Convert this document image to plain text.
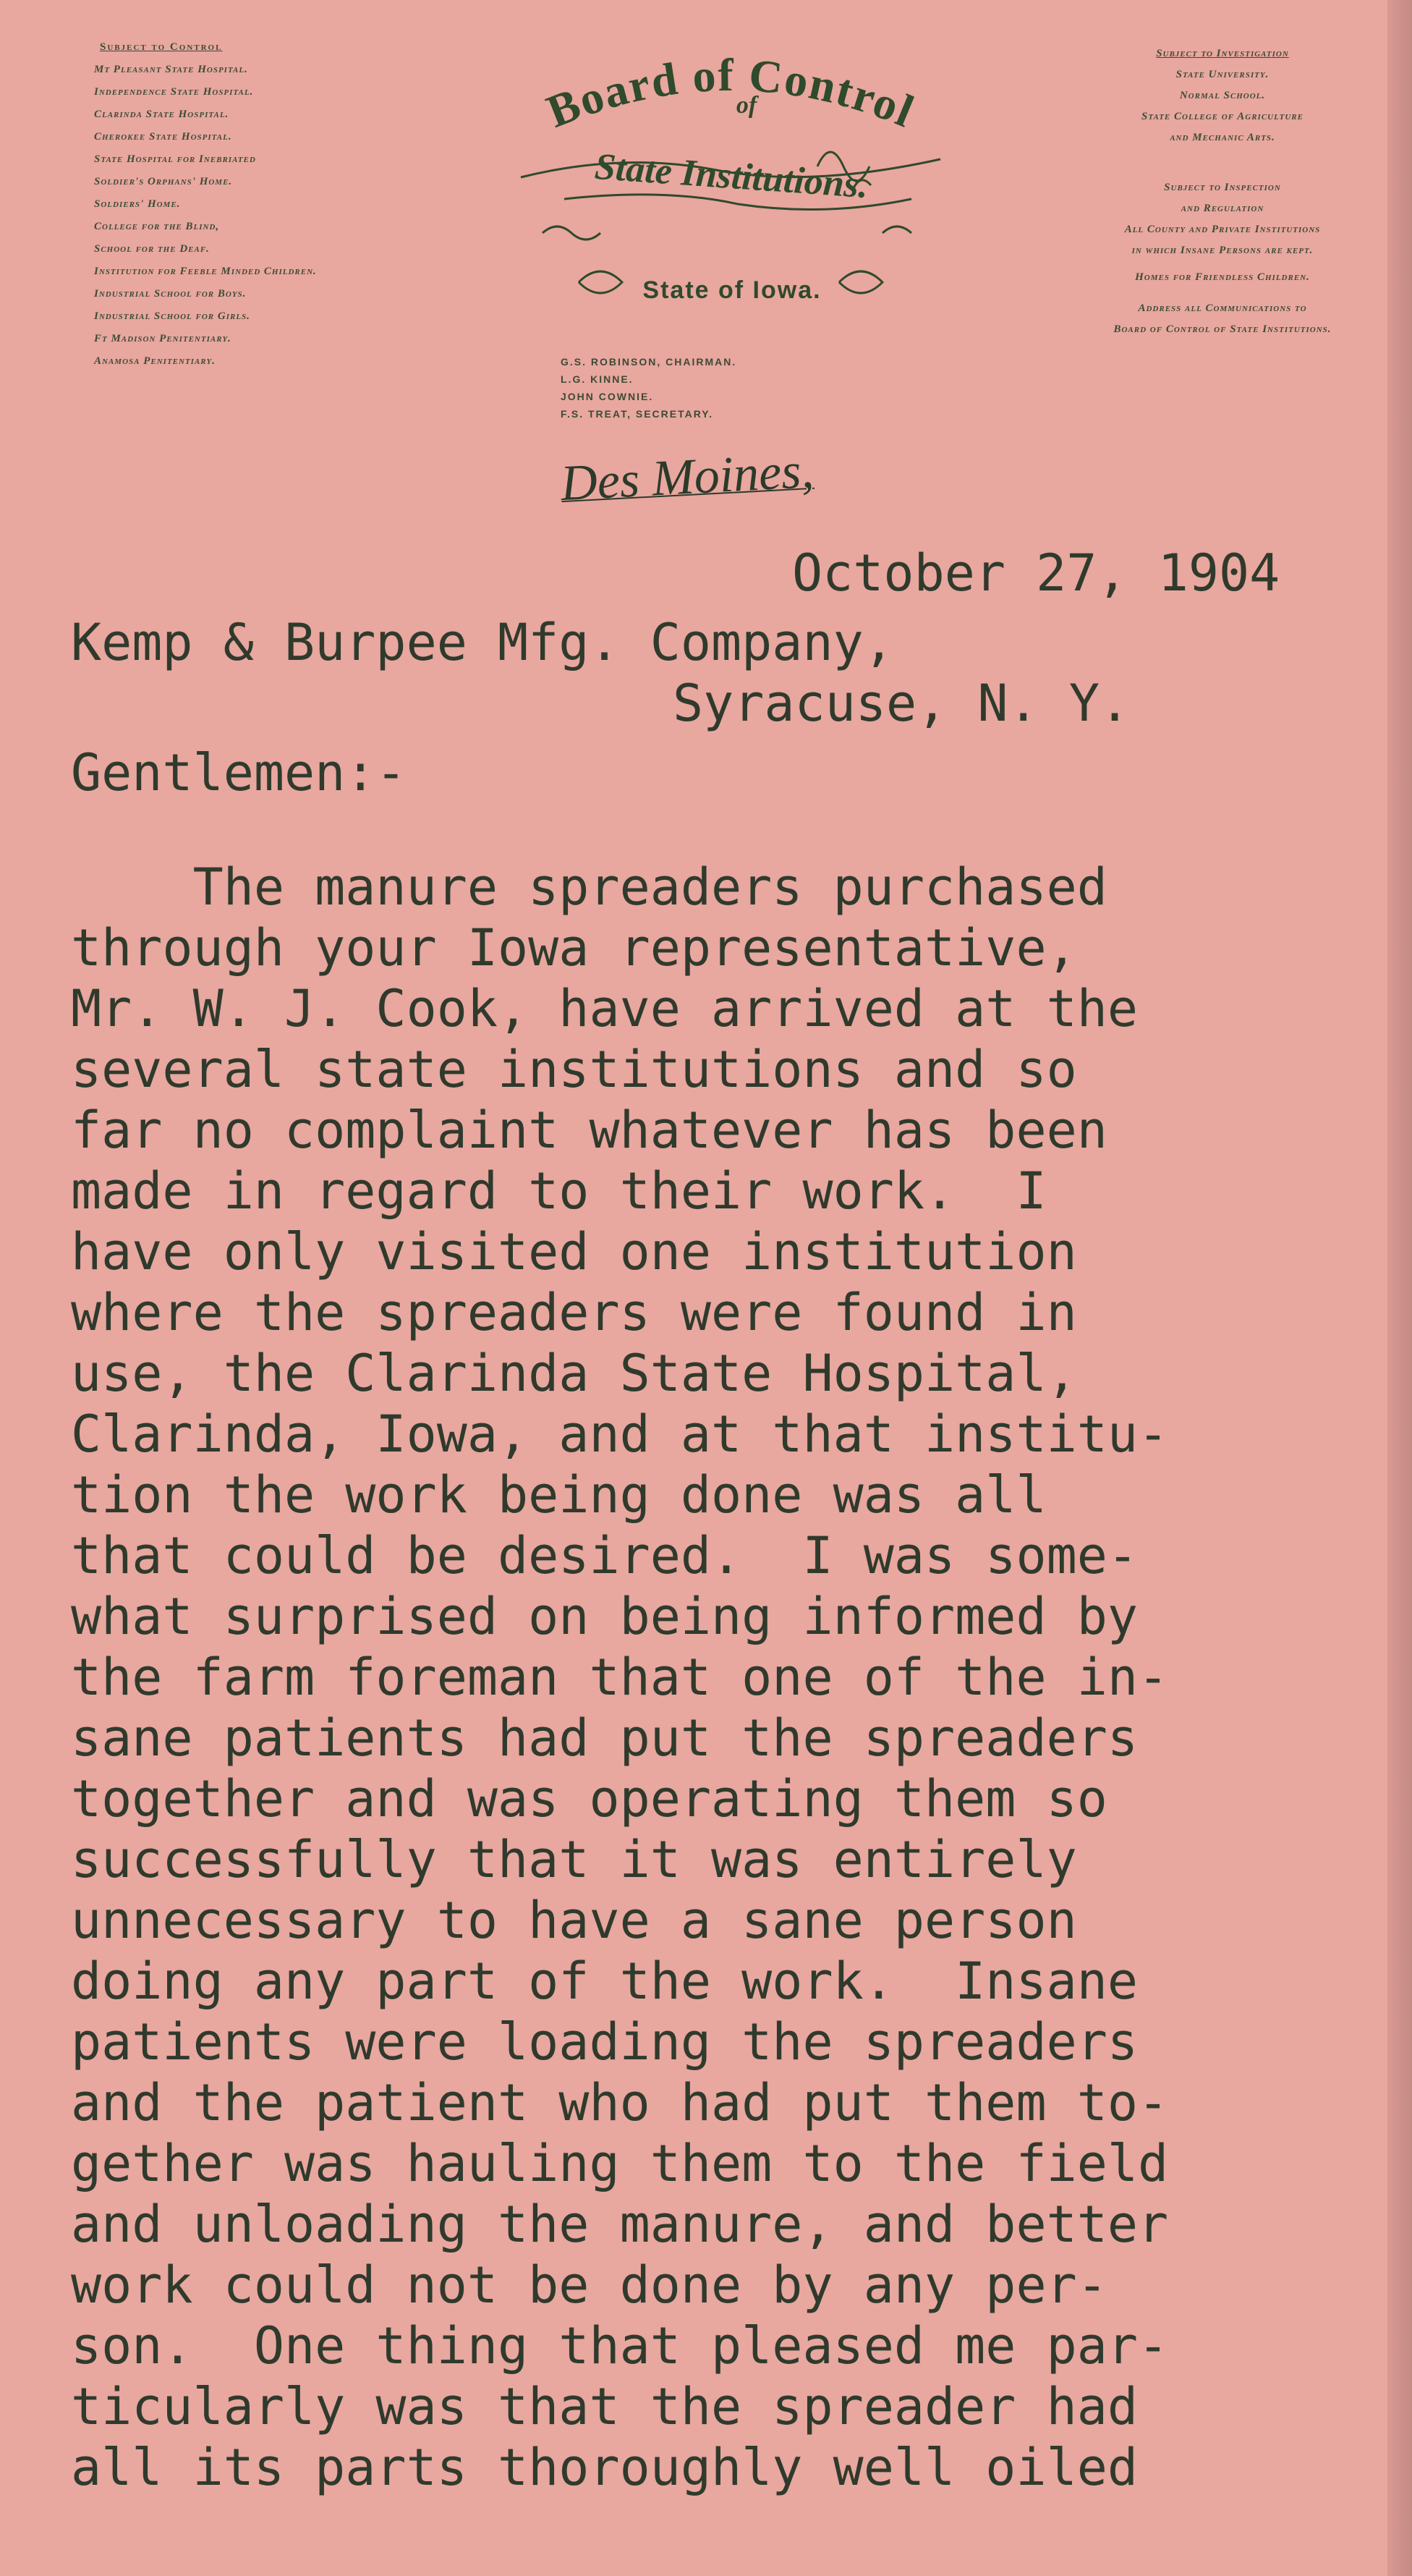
Subject to Control
Mt Pleasant State Hospital.
Independence State Hospital.
Clarinda State Hospital.
Cherokee State Hospital.
State Hospital for Inebriated
Soldier's Orphans' Home.
Soldiers' Home.
College for the Blind,
School for the Deaf.
Institution for Feeble Minded Children.
Industrial School for Boys.
Industrial School for Girls.
Ft Madison Penitentiary.
Anamosa Penitentiary.
Board of Control
of
State Institutions.
State of Iowa.
G.S. ROBINSON, CHAIRMAN.
L.G. KINNE.
JOHN COWNIE.
F.S. TREAT, SECRETARY.
Subject to Investigation
State University.
Normal School.
State College of Agriculture
and Mechanic Arts.
Subject to Inspection
and Regulation
All County and Private Institutions
in which Insane Persons are kept.
Homes for Friendless Children.
Address all Communications to
Board of Control of State Institutions.
Des Moines,
October 27, 1904
Kemp & Burpee Mfg. Company,
Syracuse, N. Y.
Gentlemen:-

The manure spreaders purchased
through your Iowa representative,
Mr. W. J. Cook, have arrived at the
several state institutions and so
far no complaint whatever has been
made in regard to their work.  I
have only visited one institution
where the spreaders were found in
use, the Clarinda State Hospital,
Clarinda, Iowa, and at that institu-
tion the work being done was all
that could be desired.  I was some-
what surprised on being informed by
the farm foreman that one of the in-
sane patients had put the spreaders
together and was operating them so
successfully that it was entirely
unnecessary to have a sane person
doing any part of the work.  Insane
patients were loading the spreaders
and the patient who had put them to-
gether was hauling them to the field
and unloading the manure, and better
work could not be done by any per-
son.  One thing that pleased me par-
ticularly was that the spreader had
all its parts thoroughly well oiled
